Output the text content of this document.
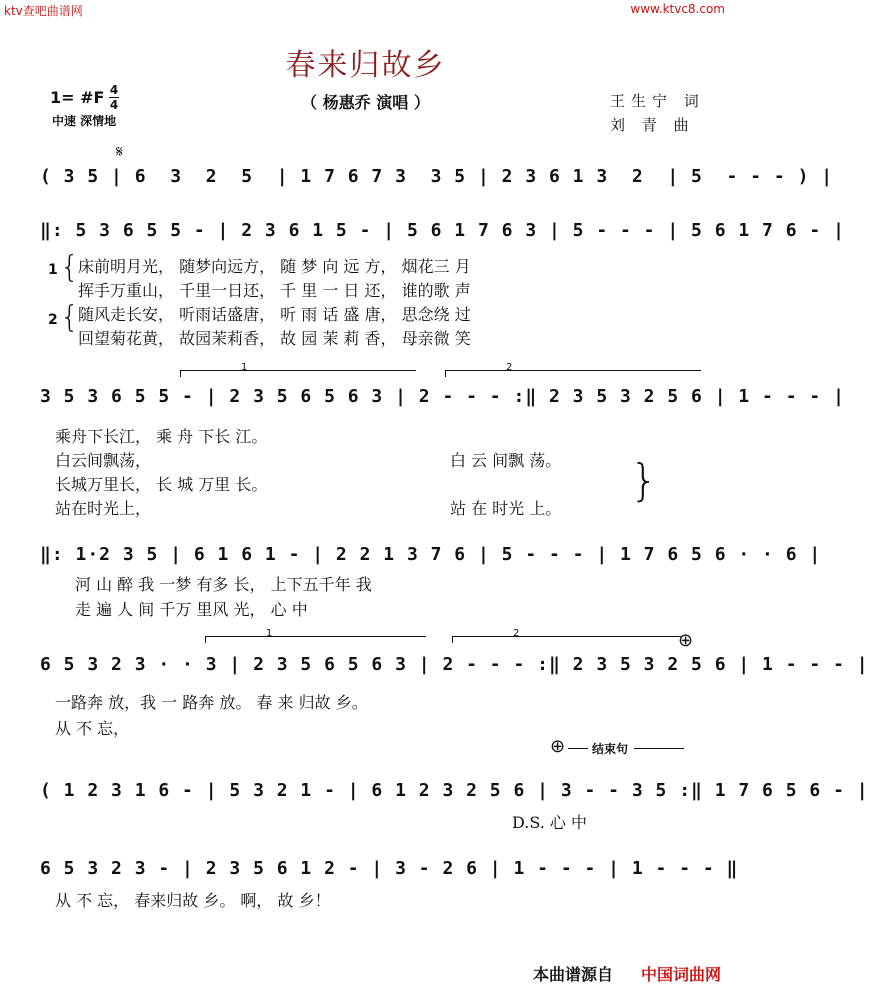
ktv查吧曲谱网	www.ktvc8.com
春来归故乡
（ 杨惠乔 演唱 ）
1= #F 4
4
中速 深情地
王生宁 词
刘 青 曲
𝄋
( 3 5 | 6  3  2  5  | 1 7 6 7 3  3 5 | 2 3 6 1 3  2  | 5  - - - ) |
‖: 5 3 6 5 5 - | 2 3 6 1 5 - | 5 6 1 7 6 3 | 5 - - - | 5 6 1 7 6 - |
1 {
2 {
床前明月光， 随梦向远方， 随 梦 向 远 方， 烟花三 月
挥手万重山， 千里一日还， 千 里 一 日 还， 谁的歌 声
随风走长安， 听雨话盛唐， 听 雨 话 盛 唐， 思念绕 过
回望菊花黄， 故园茉莉香， 故 园 茉 莉 香， 母亲微 笑
1	2
3 5 3 6 5 5 - | 2 3 5 6 5 6 3 | 2 - - - :‖ 2 3 5 3 2 5 6 | 1 - - - |
乘舟下长江， 乘 舟 下长 江。
白云间飘荡，	白 云 间飘 荡。
长城万里长， 长 城 万里 长。
站在时光上，	站 在 时光 上。
}
‖: 1·2 3 5 | 6 1 6 1 - | 2 2 1 3 7 6 | 5 - - - | 1 7 6 5 6 · · 6 |
河 山 醉 我 一梦 有多 长， 上下五千年 我
走 遍 人 间 千万 里风 光， 心 中
1	2	⊕
6 5 3 2 3 · · 3 | 2 3 5 6 5 6 3 | 2 - - - :‖ 2 3 5 3 2 5 6 | 1 - - - |
一路奔 放，我 一 路奔 放。 春 来 归故 乡。
从 不 忘，
⊕ 结束句
( 1 2 3 1 6 - | 5 3 2 1 - | 6 1 2 3 2 5 6 | 3 - - 3 5 :‖ 1 7 6 5 6 - |
D.S. 心 中
6 5 3 2 3 - | 2 3 5 6 1 2 - | 3 - 2 6 | 1 - - - | 1 - - - ‖
从 不 忘， 春来归故 乡。 啊， 故 乡！
本曲谱源自 中国词曲网
